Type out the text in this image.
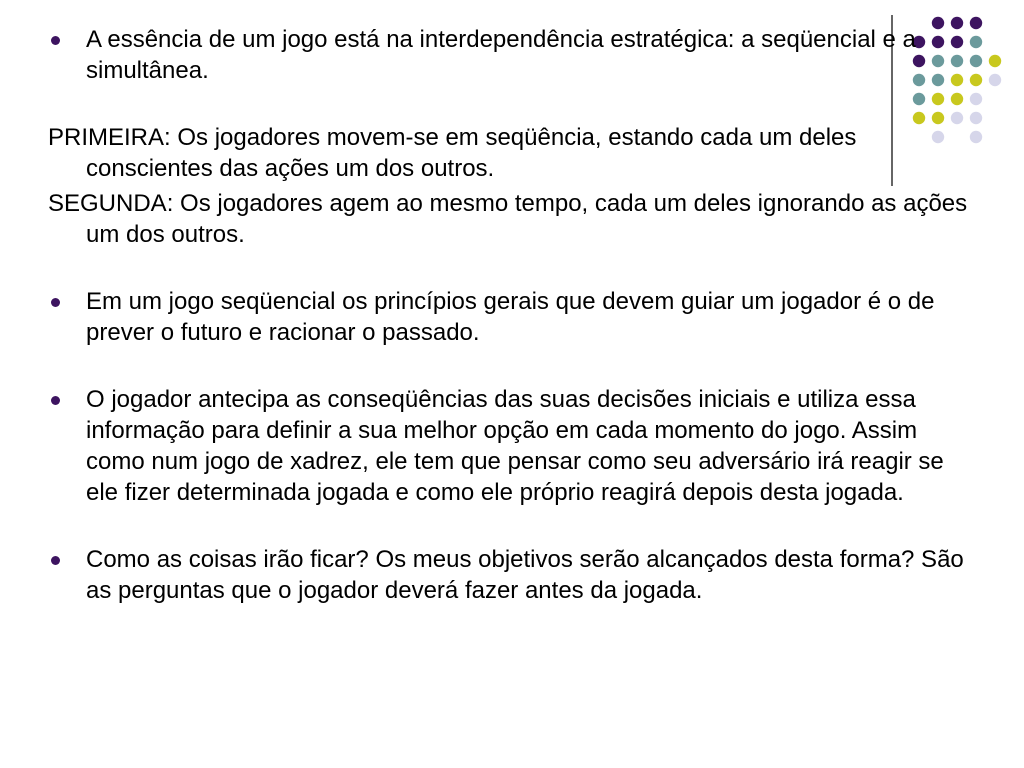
A essência de um jogo está na interdependência estratégica: a seqüencial e a simultânea.

PRIMEIRA: Os jogadores movem-se em seqüência, estando cada um deles conscientes das ações um dos outros.

SEGUNDA: Os jogadores agem ao mesmo tempo, cada um deles ignorando as ações um dos outros.

Em um jogo seqüencial os princípios gerais que devem guiar um jogador é o de prever o futuro e racionar o passado.

O jogador antecipa as conseqüências das suas decisões iniciais e utiliza essa informação para definir a sua melhor opção em cada momento do jogo. Assim como num jogo de xadrez, ele tem que pensar como seu adversário irá reagir se ele fizer determinada jogada e como ele próprio reagirá depois desta jogada.

Como as coisas irão ficar? Os meus objetivos serão alcançados desta forma? São as perguntas que o jogador deverá fazer antes da jogada.
